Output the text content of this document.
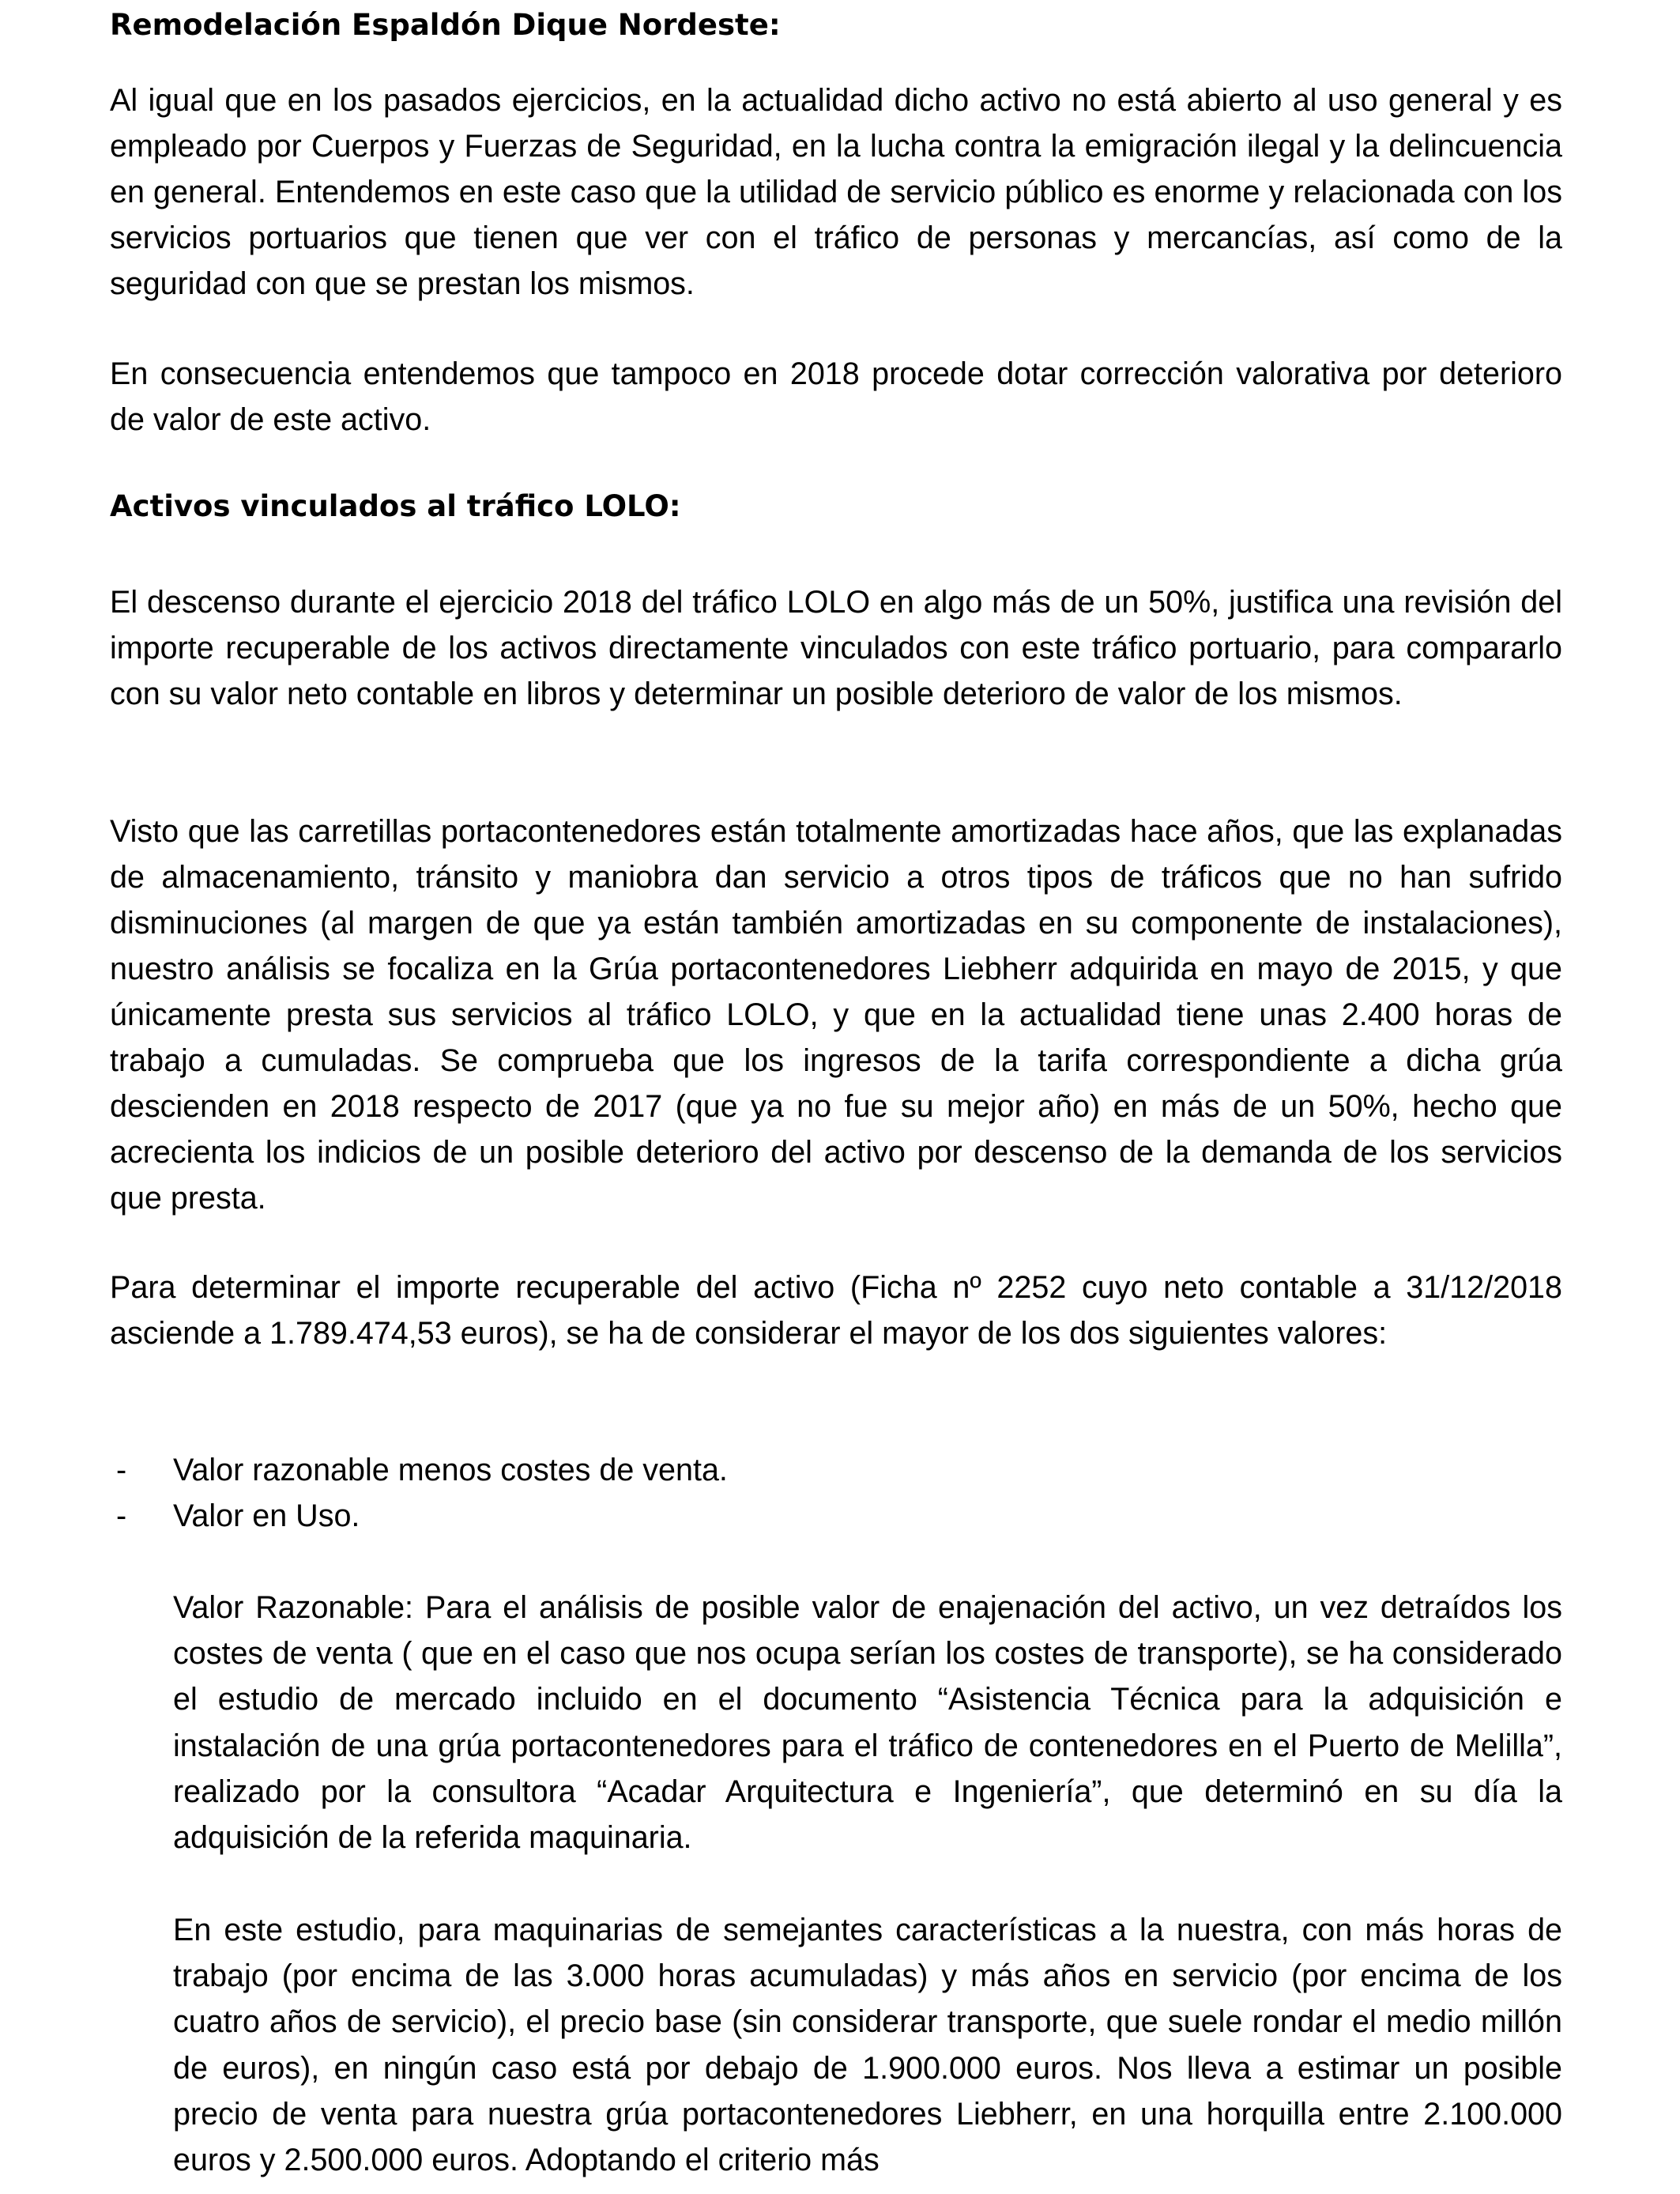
Remodelación Espaldón Dique Nordeste:

Al igual que en los pasados ejercicios, en la actualidad dicho activo no está abierto al uso general y es empleado por Cuerpos y Fuerzas de Seguridad, en la lucha contra la emigración ilegal y la delincuencia en general. Entendemos en este caso que la utilidad de servicio público es enorme y relacionada con los servicios portuarios que tienen que ver con el tráfico de personas y mercancías, así como de la seguridad con que se prestan los mismos.

En consecuencia entendemos que tampoco en 2018 procede dotar corrección valorativa por deterioro de valor de este activo.

Activos vinculados al tráfico LOLO:

El descenso durante el ejercicio 2018 del tráfico LOLO en algo más de un 50%, justifica una revisión del importe recuperable de los activos directamente vinculados con este tráfico portuario, para compararlo con su valor neto contable en libros y determinar un posible deterioro de valor de los mismos.

Visto que las carretillas portacontenedores están totalmente amortizadas hace años, que las explanadas de almacenamiento, tránsito y maniobra dan servicio a otros tipos de tráficos que no han sufrido disminuciones (al margen de que ya están también amortizadas en su componente de instalaciones), nuestro análisis se focaliza en la Grúa portacontenedores Liebherr adquirida en mayo de 2015, y que únicamente presta sus servicios al tráfico LOLO, y que en la actualidad tiene unas 2.400 horas de trabajo a cumuladas. Se comprueba que los ingresos de la tarifa correspondiente a dicha grúa descienden en 2018 respecto de 2017 (que ya no fue su mejor año) en más de un 50%, hecho que acrecienta los indicios de un posible deterioro del activo por descenso de la demanda de los servicios que presta.

Para determinar el importe recuperable del activo (Ficha nº 2252 cuyo neto contable a 31/12/2018 asciende a 1.789.474,53 euros), se ha de considerar el mayor de los dos siguientes valores:

- Valor razonable menos costes de venta.
- Valor en Uso.

Valor Razonable: Para el análisis de posible valor de enajenación del activo, un vez detraídos los costes de venta ( que en el caso que nos ocupa serían los costes de transporte), se ha considerado el estudio de mercado incluido en el documento “Asistencia Técnica para la adquisición e instalación de una grúa portacontenedores para el tráfico de contenedores en el Puerto de Melilla”, realizado por la consultora “Acadar Arquitectura e Ingeniería”, que determinó en su día la adquisición de la referida maquinaria.

En este estudio, para maquinarias de semejantes características a la nuestra, con más horas de trabajo (por encima de las 3.000 horas acumuladas) y más años en servicio (por encima de los cuatro años de servicio), el precio base (sin considerar transporte, que suele rondar el medio millón de euros), en ningún caso está por debajo de 1.900.000 euros. Nos lleva a estimar un posible precio de venta para nuestra grúa portacontenedores Liebherr, en una horquilla entre 2.100.000 euros y 2.500.000 euros. Adoptando el criterio más
